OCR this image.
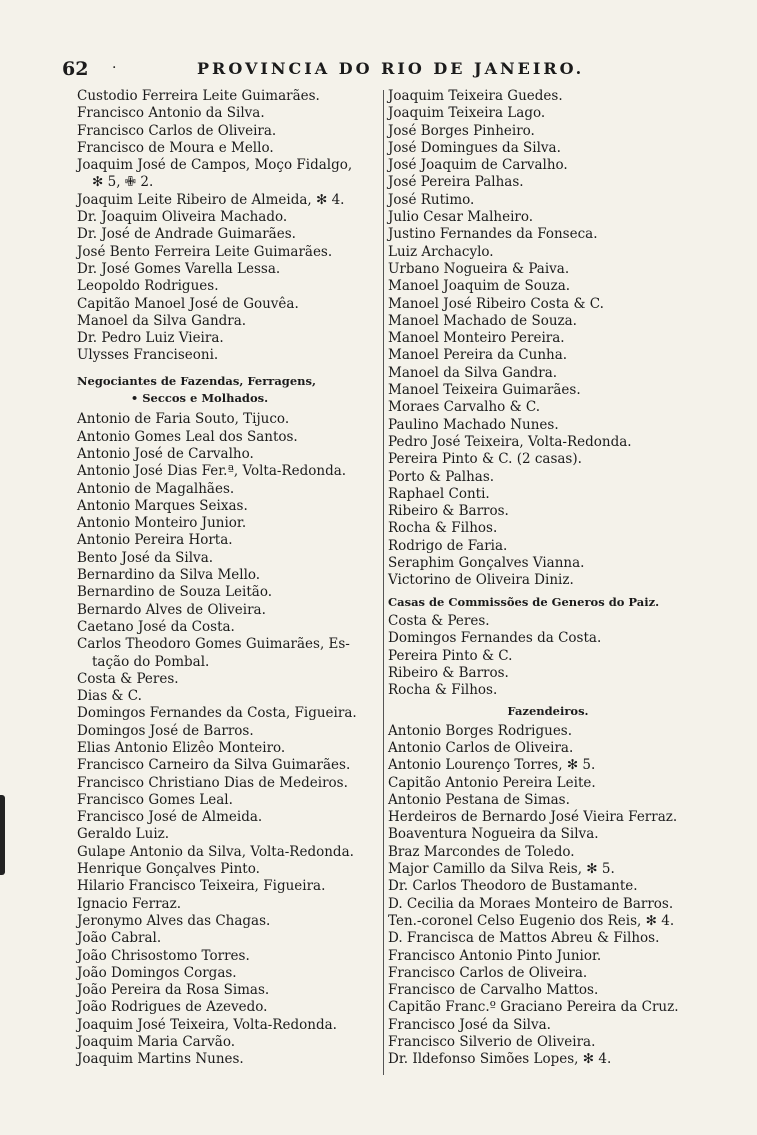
62 ·	PROVINCIA DO RIO DE JANEIRO.
Custodio Ferreira Leite Guimarães.
Francisco Antonio da Silva.
Francisco Carlos de Oliveira.
Francisco de Moura e Mello.
Joaquim José de Campos, Moço Fidalgo,
✻ 5, ✙ 2.
Joaquim Leite Ribeiro de Almeida, ✻ 4.
Dr. Joaquim Oliveira Machado.
Dr. José de Andrade Guimarães.
José Bento Ferreira Leite Guimarães.
Dr. José Gomes Varella Lessa.
Leopoldo Rodrigues.
Capitão Manoel José de Gouvêa.
Manoel da Silva Gandra.
Dr. Pedro Luiz Vieira.
Ulysses Franciseoni.
Negociantes de Fazendas, Ferragens,
• Seccos e Molhados.
Antonio de Faria Souto, Tijuco.
Antonio Gomes Leal dos Santos.
Antonio José de Carvalho.
Antonio José Dias Fer.ª, Volta-Redonda.
Antonio de Magalhães.
Antonio Marques Seixas.
Antonio Monteiro Junior.
Antonio Pereira Horta.
Bento José da Silva.
Bernardino da Silva Mello.
Bernardino de Souza Leitão.
Bernardo Alves de Oliveira.
Caetano José da Costa.
Carlos Theodoro Gomes Guimarães, Es-
tação do Pombal.
Costa & Peres.
Dias & C.
Domingos Fernandes da Costa, Figueira.
Domingos José de Barros.
Elias Antonio Elizêo Monteiro.
Francisco Carneiro da Silva Guimarães.
Francisco Christiano Dias de Medeiros.
Francisco Gomes Leal.
Francisco José de Almeida.
Geraldo Luiz.
Gulape Antonio da Silva, Volta-Redonda.
Henrique Gonçalves Pinto.
Hilario Francisco Teixeira, Figueira.
Ignacio Ferraz.
Jeronymo Alves das Chagas.
João Cabral.
João Chrisostomo Torres.
João Domingos Corgas.
João Pereira da Rosa Simas.
João Rodrigues de Azevedo.
Joaquim José Teixeira, Volta-Redonda.
Joaquim Maria Carvão.
Joaquim Martins Nunes.
Joaquim Teixeira Guedes.
Joaquim Teixeira Lago.
José Borges Pinheiro.
José Domingues da Silva.
José Joaquim de Carvalho.
José Pereira Palhas.
José Rutimo.
Julio Cesar Malheiro.
Justino Fernandes da Fonseca.
Luiz Archacylo.
Urbano Nogueira & Paiva.
Manoel Joaquim de Souza.
Manoel José Ribeiro Costa & C.
Manoel Machado de Souza.
Manoel Monteiro Pereira.
Manoel Pereira da Cunha.
Manoel da Silva Gandra.
Manoel Teixeira Guimarães.
Moraes Carvalho & C.
Paulino Machado Nunes.
Pedro José Teixeira, Volta-Redonda.
Pereira Pinto & C. (2 casas).
Porto & Palhas.
Raphael Conti.
Ribeiro & Barros.
Rocha & Filhos.
Rodrigo de Faria.
Seraphim Gonçalves Vianna.
Victorino de Oliveira Diniz.
Casas de Commissões de Generos do Paiz.
Costa & Peres.
Domingos Fernandes da Costa.
Pereira Pinto & C.
Ribeiro & Barros.
Rocha & Filhos.
Fazendeiros.
Antonio Borges Rodrigues.
Antonio Carlos de Oliveira.
Antonio Lourenço Torres, ✻ 5.
Capitão Antonio Pereira Leite.
Antonio Pestana de Simas.
Herdeiros de Bernardo José Vieira Ferraz.
Boaventura Nogueira da Silva.
Braz Marcondes de Toledo.
Major Camillo da Silva Reis, ✻ 5.
Dr. Carlos Theodoro de Bustamante.
D. Cecilia da Moraes Monteiro de Barros.
Ten.-coronel Celso Eugenio dos Reis, ✻ 4.
D. Francisca de Mattos Abreu & Filhos.
Francisco Antonio Pinto Junior.
Francisco Carlos de Oliveira.
Francisco de Carvalho Mattos.
Capitão Franc.º Graciano Pereira da Cruz.
Francisco José da Silva.
Francisco Silverio de Oliveira.
Dr. Ildefonso Simões Lopes, ✻ 4.
